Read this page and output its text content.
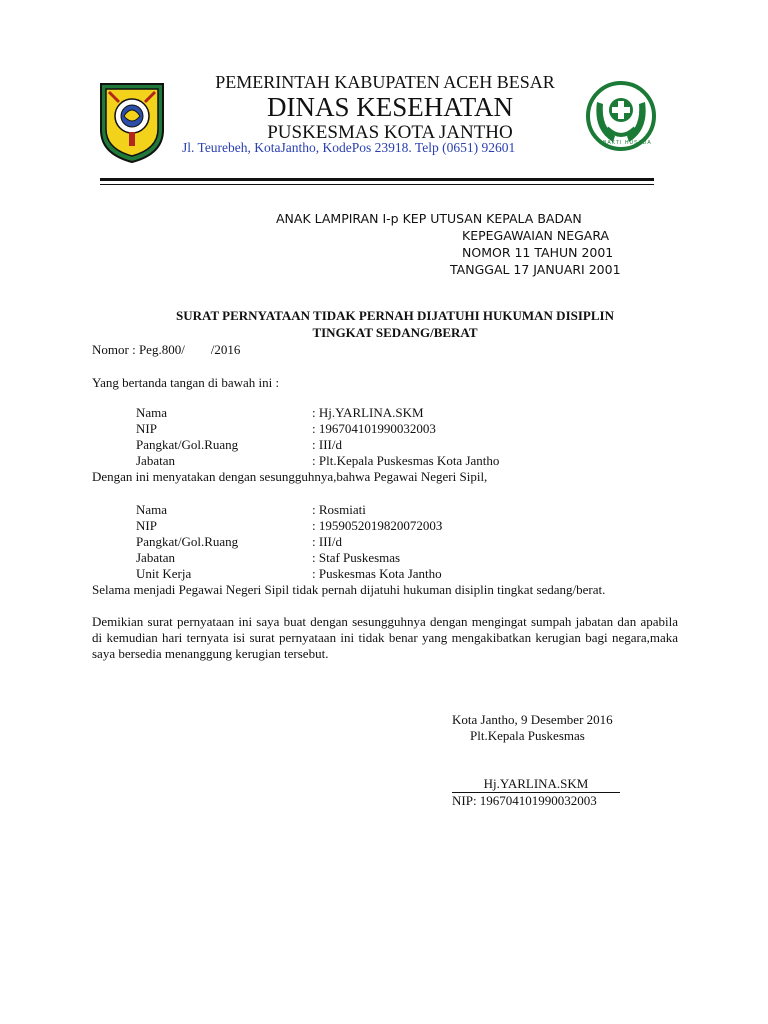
BAKTI HUSADA
PEMERINTAH KABUPATEN ACEH BESAR
DINAS KESEHATAN
PUSKESMAS KOTA JANTHO
Jl. Teurebeh, KotaJantho, KodePos 23918. Telp (0651) 92601
ANAK LAMPIRAN I-p KEP UTUSAN KEPALA BADAN
KEPEGAWAIAN NEGARA
NOMOR 11 TAHUN 2001
TANGGAL 17 JANUARI 2001
SURAT PERNYATAAN TIDAK PERNAH DIJATUHI HUKUMAN DISIPLIN
TINGKAT SEDANG/BERAT
Nomor : Peg.800/        /2016
Yang bertanda tangan di bawah ini :
Nama	: Hj.YARLINA.SKM
NIP	: 196704101990032003
Pangkat/Gol.Ruang	: III/d
Jabatan	: Plt.Kepala Puskesmas Kota Jantho
Dengan ini menyatakan dengan sesungguhnya,bahwa Pegawai Negeri Sipil,
Nama	: Rosmiati
NIP	: 195905201982007200З
Pangkat/Gol.Ruang	: III/d
Jabatan	: Staf Puskesmas
Unit Kerja	: Puskesmas Kota Jantho
Selama menjadi Pegawai Negeri Sipil tidak pernah dijatuhi hukuman disiplin tingkat sedang/berat.
Demikian surat pernyataan ini saya buat dengan sesungguhnya dengan mengingat sumpah jabatan dan apabila di kemudian hari ternyata isi surat pernyataan ini tidak benar yang mengakibatkan kerugian bagi negara,maka saya bersedia menanggung kerugian tersebut.
Kota Jantho, 9 Desember 2016
Plt.Kepala Puskesmas
Hj.YARLINA.SKM
NIP: 196704101990032003
